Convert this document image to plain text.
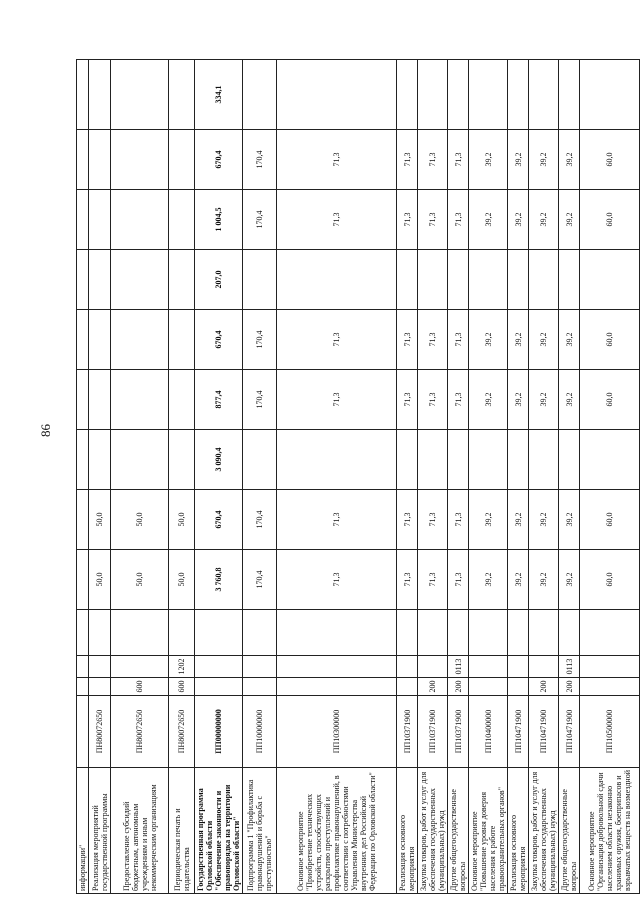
86
информации"													
Реализация мероприятий государственной программы	ПН80072650				50,0	50,0							
Предоставление субсидий бюджетным, автономным учреждениям и иным некоммерческим организациям	ПН80072650	600			50,0	50,0							
Периодическая печать и издательства	ПН80072650	600	1202		50,0	50,0							
Государственная программа Орловской области "Обеспечение законности и правопорядка на территории Орловской области"	ПП00000000				3 760,8	670,4	3 090,4	877,4	670,4	207,0	1 004,5	670,4	334,1
Подпрограмма 1 "Профилактика правонарушений и борьба с преступностью"	ПП10000000				170,4	170,4		170,4	170,4		170,4	170,4	
Основное мероприятие "Приобретение технических устройств, способствующих раскрытию преступлений и профилактике правонарушений, в соответствии с потребностями Управления Министерства внутренних дел Российской Федерации по Орловской области"	ПП10300000				71,3	71,3		71,3	71,3		71,3	71,3	
Реализация основного мероприятия	ПП10371900				71,3	71,3		71,3	71,3		71,3	71,3	
Закупка товаров, работ и услуг для обеспечения государственных (муниципальных) нужд	ПП10371900	200			71,3	71,3		71,3	71,3		71,3	71,3	
Другие общегосударственные вопросы	ПП10371900	200	0113		71,3	71,3		71,3	71,3		71,3	71,3	
Основное мероприятие "Повышение уровня доверия населения к работе правоохранительных органов"	ПП10400000				39,2	39,2		39,2	39,2		39,2	39,2	
Реализация основного мероприятия	ПП10471900				39,2	39,2		39,2	39,2		39,2	39,2	
Закупка товаров, работ и услуг для обеспечения государственных (муниципальных) нужд	ПП10471900	200			39,2	39,2		39,2	39,2		39,2	39,2	
Другие общегосударственные вопросы	ПП10471900	200	0113		39,2	39,2		39,2	39,2		39,2	39,2	
Основное мероприятие "Организация добровольной сдачи населением области незаконно хранимых оружия, боеприпасов и взрывчатых веществ на возмездной	ПП10500000				60,0	60,0		60,0	60,0		60,0	60,0	
